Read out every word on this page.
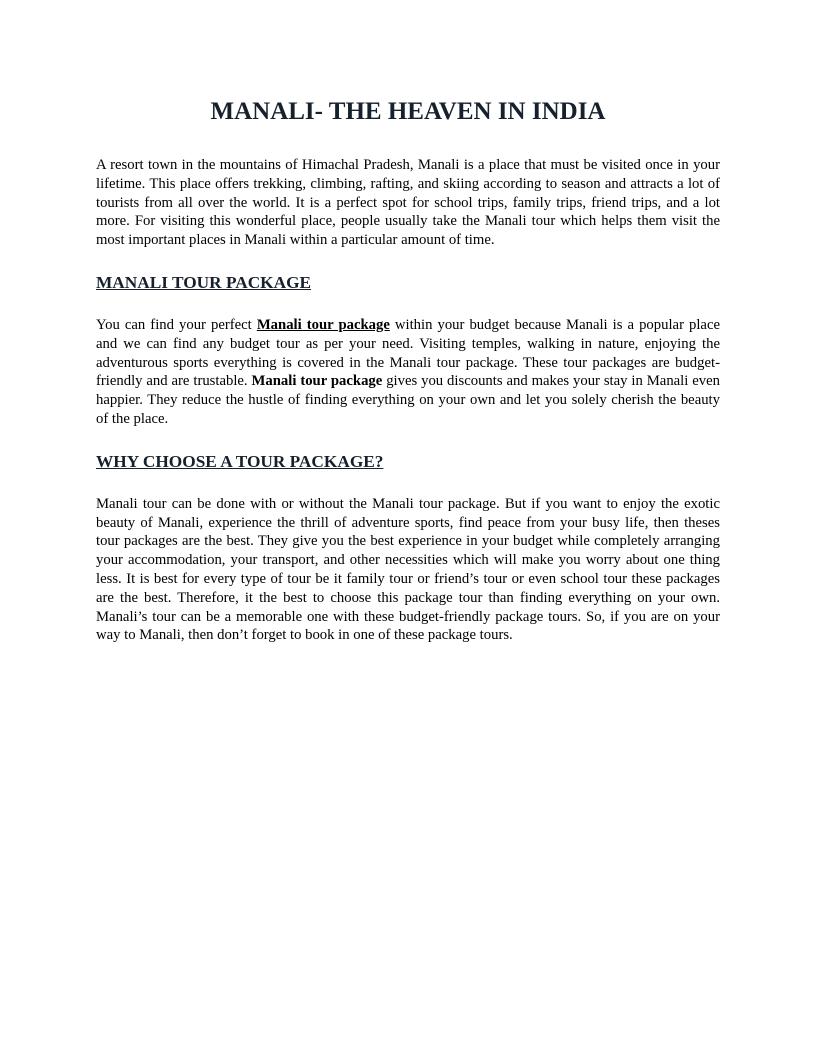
MANALI- THE HEAVEN IN INDIA

A resort town in the mountains of Himachal Pradesh, Manali is a place that must be visited once in your lifetime. This place offers trekking, climbing, rafting, and skiing according to season and attracts a lot of tourists from all over the world. It is a perfect spot for school trips, family trips, friend trips, and a lot more. For visiting this wonderful place, people usually take the Manali tour which helps them visit the most important places in Manali within a particular amount of time.

MANALI TOUR PACKAGE

You can find your perfect Manali tour package within your budget because Manali is a popular place and we can find any budget tour as per your need. Visiting temples, walking in nature, enjoying the adventurous sports everything is covered in the Manali tour package. These tour packages are budget-friendly and are trustable. Manali tour package gives you discounts and makes your stay in Manali even happier. They reduce the hustle of finding everything on your own and let you solely cherish the beauty of the place.

WHY CHOOSE A TOUR PACKAGE?

Manali tour can be done with or without the Manali tour package. But if you want to enjoy the exotic beauty of Manali, experience the thrill of adventure sports, find peace from your busy life, then theses tour packages are the best. They give you the best experience in your budget while completely arranging your accommodation, your transport, and other necessities which will make you worry about one thing less. It is best for every type of tour be it family tour or friend’s tour or even school tour these packages are the best. Therefore, it the best to choose this package tour than finding everything on your own. Manali’s tour can be a memorable one with these budget-friendly package tours. So, if you are on your way to Manali, then don’t forget to book in one of these package tours.
